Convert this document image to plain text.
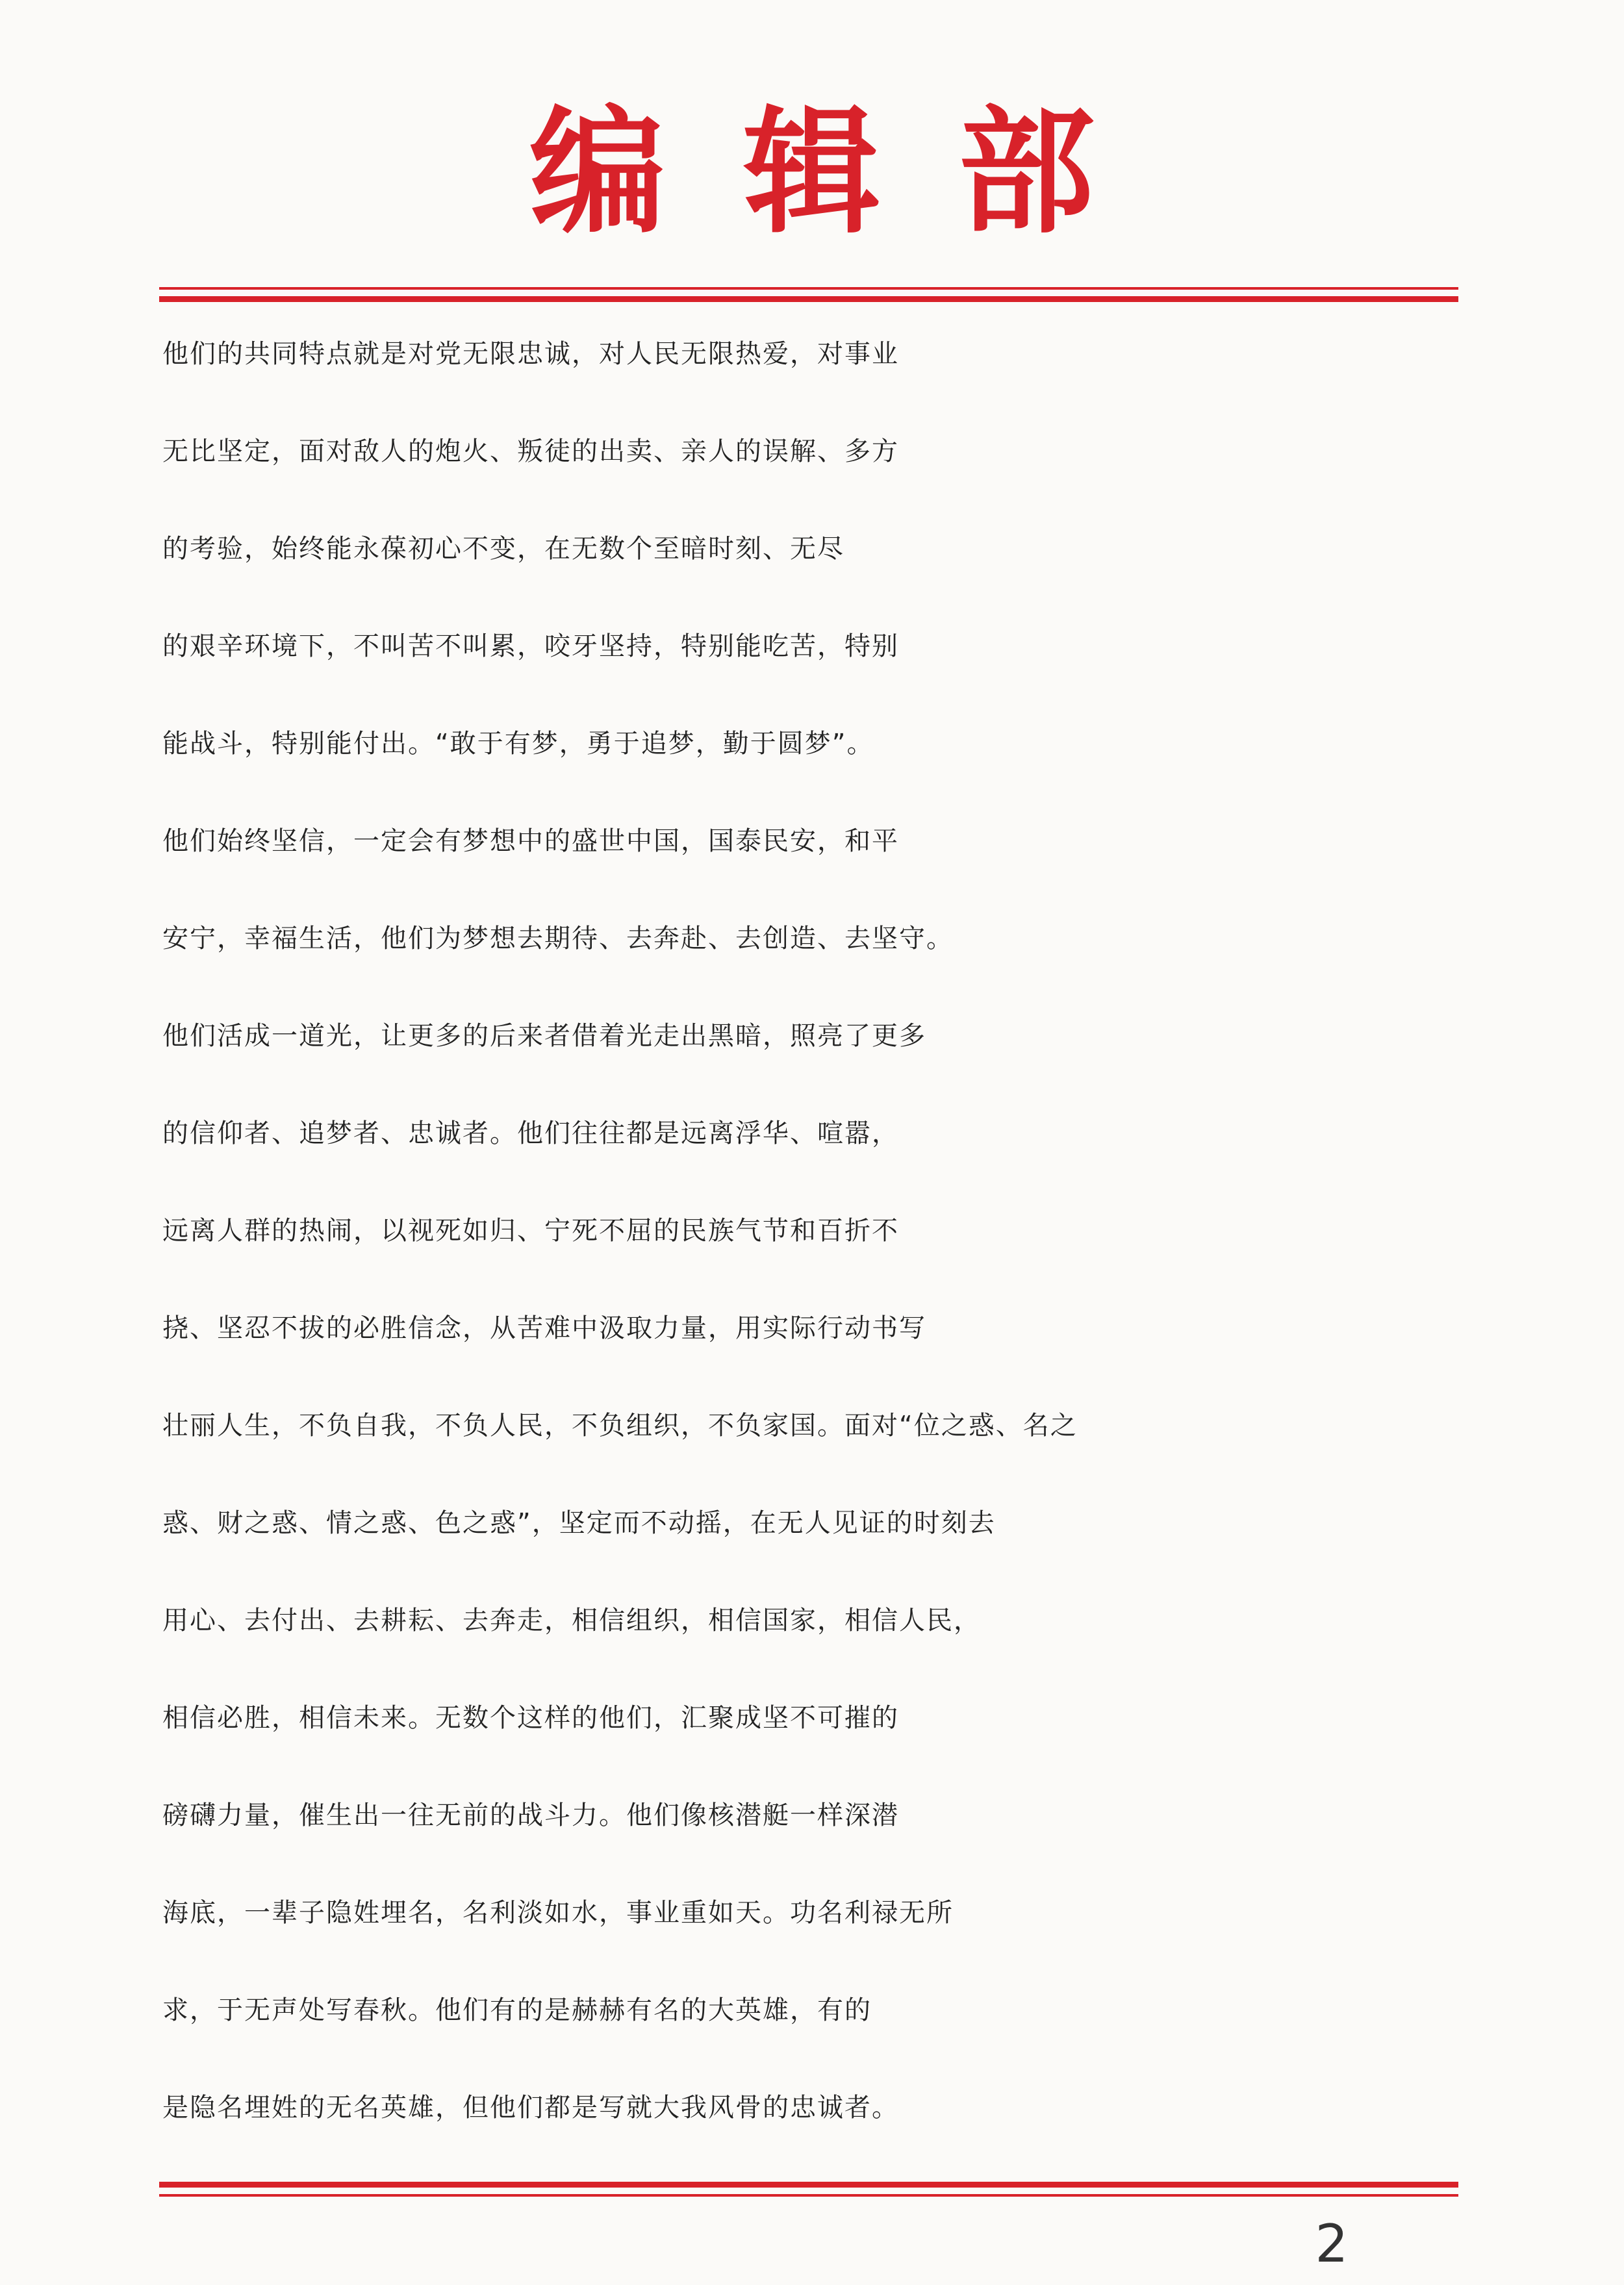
编辑部
他们的共同特点就是对党无限忠诚，对人民无限热爱，对事业
无比坚定，面对敌人的炮火、叛徒的出卖、亲人的误解、多方
的考验，始终能永葆初心不变，在无数个至暗时刻、无尽
的艰辛环境下，不叫苦不叫累，咬牙坚持，特别能吃苦，特别
能战斗，特别能付出。“敢于有梦，勇于追梦，勤于圆梦”。
他们始终坚信，一定会有梦想中的盛世中国，国泰民安，和平
安宁，幸福生活，他们为梦想去期待、去奔赴、去创造、去坚守。
他们活成一道光，让更多的后来者借着光走出黑暗，照亮了更多
的信仰者、追梦者、忠诚者。他们往往都是远离浮华、喧嚣，
远离人群的热闹，以视死如归、宁死不屈的民族气节和百折不
挠、坚忍不拔的必胜信念，从苦难中汲取力量，用实际行动书写
壮丽人生，不负自我，不负人民，不负组织，不负家国。面对“位之惑、名之
惑、财之惑、情之惑、色之惑”，坚定而不动摇，在无人见证的时刻去
用心、去付出、去耕耘、去奔走，相信组织，相信国家，相信人民，
相信必胜，相信未来。无数个这样的他们，汇聚成坚不可摧的
磅礴力量，催生出一往无前的战斗力。他们像核潜艇一样深潜
海底，一辈子隐姓埋名，名利淡如水，事业重如天。功名利禄无所
求，于无声处写春秋。他们有的是赫赫有名的大英雄，有的
是隐名埋姓的无名英雄，但他们都是写就大我风骨的忠诚者。
2
